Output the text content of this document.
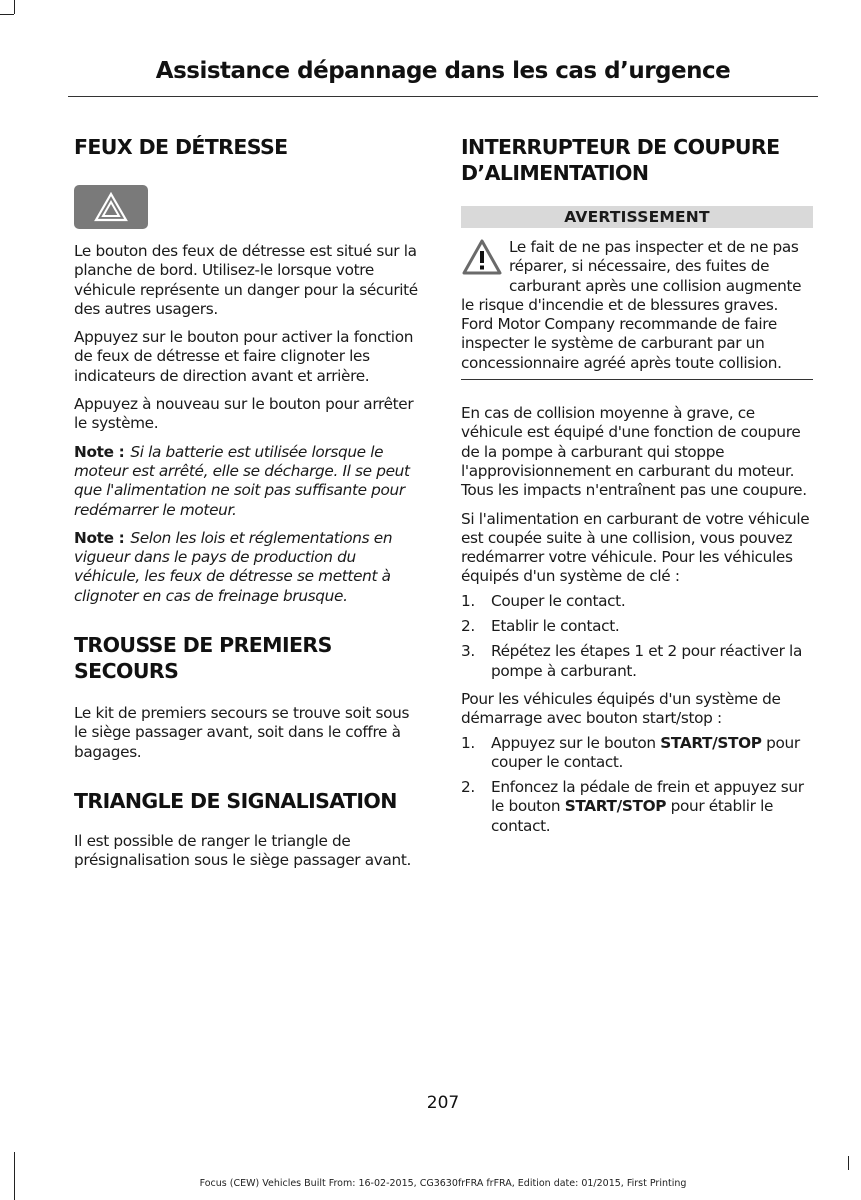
Assistance dépannage dans les cas d’urgence
FEUX DE DÉTRESSE

Le bouton des feux de détresse est situé sur la planche de bord. Utilisez-le lorsque votre véhicule représente un danger pour la sécurité des autres usagers.

Appuyez sur le bouton pour activer la fonction de feux de détresse et faire clignoter les indicateurs de direction avant et arrière.

Appuyez à nouveau sur le bouton pour arrêter le système.

Note : Si la batterie est utilisée lorsque le moteur est arrêté, elle se décharge. Il se peut que l'alimentation ne soit pas suffisante pour redémarrer le moteur.

Note : Selon les lois et réglementations en vigueur dans le pays de production du véhicule, les feux de détresse se mettent à clignoter en cas de freinage brusque.

TROUSSE DE PREMIERS SECOURS

Le kit de premiers secours se trouve soit sous le siège passager avant, soit dans le coffre à bagages.

TRIANGLE DE SIGNALISATION

Il est possible de ranger le triangle de présignalisation sous le siège passager avant.

INTERRUPTEUR DE COUPURE D’ALIMENTATION
AVERTISSEMENT

Le fait de ne pas inspecter et de ne pas réparer, si nécessaire, des fuites de carburant après une collision augmente le risque d'incendie et de blessures graves. Ford Motor Company recommande de faire inspecter le système de carburant par un concessionnaire agréé après toute collision.

En cas de collision moyenne à grave, ce véhicule est équipé d'une fonction de coupure de la pompe à carburant qui stoppe l'approvisionnement en carburant du moteur. Tous les impacts n'entraînent pas une coupure.

Si l'alimentation en carburant de votre véhicule est coupée suite à une collision, vous pouvez redémarrer votre véhicule. Pour les véhicules équipés d'un système de clé :

1. Couper le contact.

2. Etablir le contact.

3. Répétez les étapes 1 et 2 pour réactiver la pompe à carburant.

Pour les véhicules équipés d'un système de démarrage avec bouton start/stop :

1. Appuyez sur le bouton START/STOP pour couper le contact.

2. Enfoncez la pédale de frein et appuyez sur le bouton START/STOP pour établir le contact.

207
Focus (CEW) Vehicles Built From: 16-02-2015, CG3630frFRA frFRA, Edition date: 01/2015, First Printing
